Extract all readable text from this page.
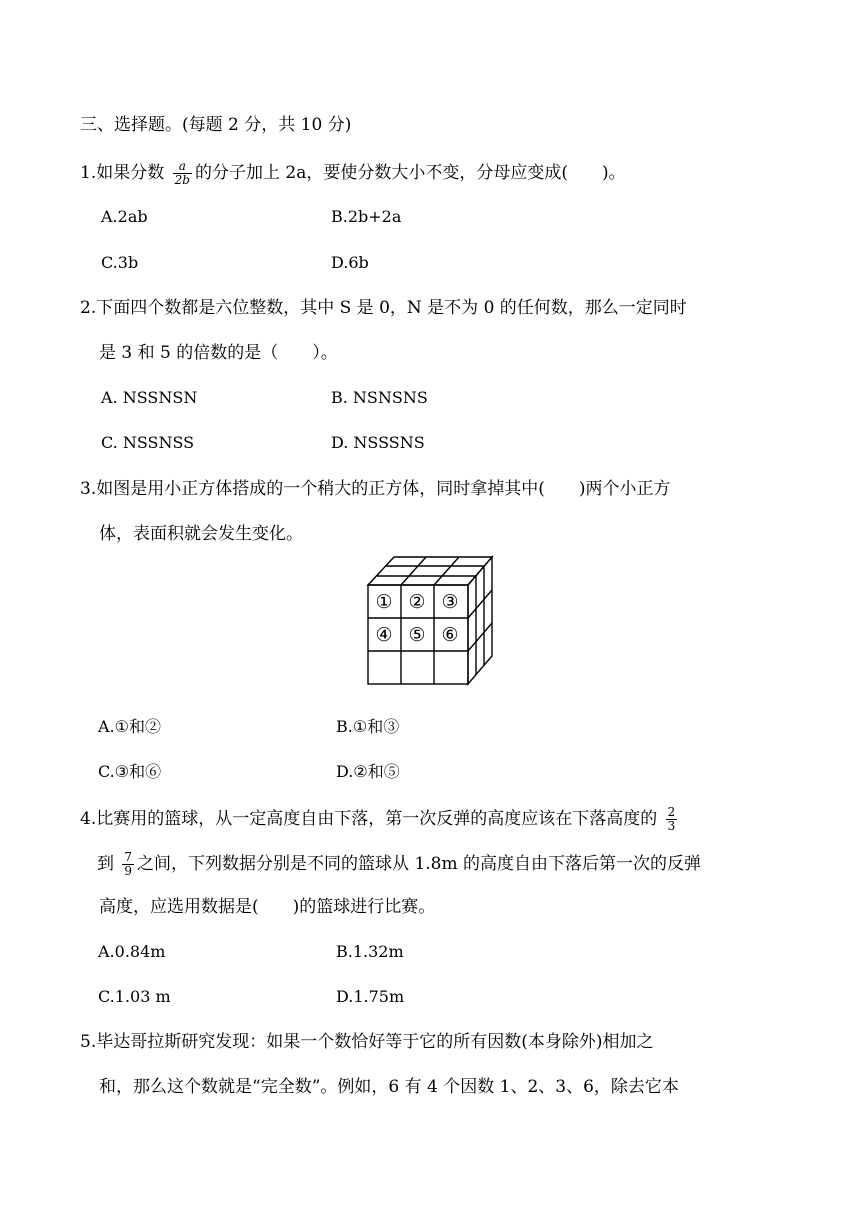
三、选择题。(每题 2 分，共 10 分)
1.如果分数 $\frac{a}{2b}$ 的分子加上 2a，要使分数大小不变，分母应变成(　　)。
A.2ab	B.2b+2a
C.3b	D.6b
2.下面四个数都是六位整数，其中 S 是 0，N 是不为 0 的任何数，那么一定同时
是 3 和 5 的倍数的是（　　）。
A. NSSNSN	B. NSNSNS
C. NSSNSS	D. NSSSNS
3.如图是用小正方体搭成的一个稍大的正方体，同时拿掉其中(　　)两个小正方
体，表面积就会发生变化。
① ② ③
④ ⑤ ⑥
A.①和②	B.①和③
C.③和⑥	D.②和⑤
4.比赛用的篮球，从一定高度自由下落，第一次反弹的高度应该在下落高度的 $\frac{2}{3}$
到 $\frac{7}{9}$ 之间，下列数据分别是不同的篮球从 1.8m 的高度自由下落后第一次的反弹
高度，应选用数据是(　　)的篮球进行比赛。
A.0.84m	B.1.32m
C.1.03 m	D.1.75m
5.毕达哥拉斯研究发现：如果一个数恰好等于它的所有因数(本身除外)相加之
和，那么这个数就是“完全数”。例如，6 有 4 个因数 1、2、3、6，除去它本
